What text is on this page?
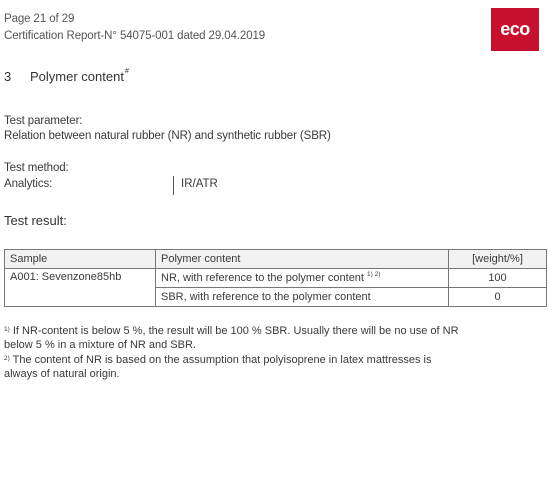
Page 21 of 29
Certification Report-N° 54075-001 dated 29.04.2019	eco
3 Polymer content#
Test parameter:
Relation between natural rubber (NR) and synthetic rubber (SBR)
Test method:
Analytics:	IR/ATR
Test result:
Sample	Polymer content	[weight/%]
A001: Sevenzone85hb	NR, with reference to the polymer content $^{1) 2)}$	100
	SBR, with reference to the polymer content	0
$^{1)}$ If NR-content is below 5 %, the result will be 100 % SBR. Usually there will be no use of NR below 5 % in a mixture of NR and SBR.
$^{2)}$ The content of NR is based on the assumption that polyisoprene in latex mattresses is always of natural origin.
